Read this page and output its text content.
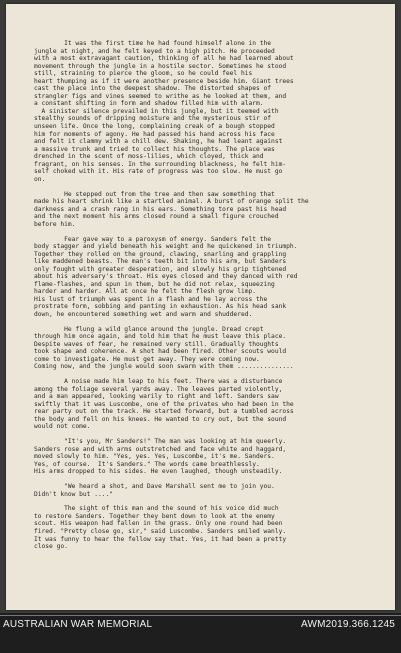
It was the first time he had found himself alone in the
jungle at night, and he felt keyed to a high pitch. He proceeded
with a most extravagant caution, thinking of all he had learned about
movement through the jungle in a hostile sector. Sometimes he stood
still, straining to pierce the gloom, so he could feel his
heart thumping as if it were another presence beside him. Giant trees
cast the place into the deepest shadow. The distorted shapes of
strangler figs and vines seemed to writhe as he looked at them, and
a constant shifting in form and shadow filled him with alarm.
A sinister silence prevailed in this jungle, but it teemed with
stealthy sounds of dripping moisture and the mysterious stir of
unseen life. Once the long, complaining creak of a bough stopped
him for moments of agony. He had passed his hand across his face
and felt it clammy with a chill dew. Shaking, he had leant against
a massive trunk and tried to collect his thoughts. The place was
drenched in the scent of moss-lilies, which cloyed, thick and
fragrant, on his senses. In the surrounding blackness, he felt him-
self choked with it. His rate of progress was too slow. He must go
on.
He stepped out from the tree and then saw something that
made his heart shrink like a startled animal. A burst of orange split the
darkness and a crash rang in his ears. Something tore past his head
and the next moment his arms closed round a small figure crouched
before him.
Fear gave way to a paroxysm of energy. Sanders felt the
body stagger and yield beneath his weight and he quickened in triumph.
Together they rolled on the ground, clawing, snarling and grappling
like maddened beasts. The man's teeth bit into his arm, but Sanders
only fought with greater desperation, and slowly his grip tightened
about his adversary's throat. His eyes closed and they danced with red
flame-flashes, and spun in them, but he did not relax, squeezing
harder and harder. All at once he felt the flesh grow limp.
His lust of triumph was spent in a flash and he lay across the
prostrate form, sobbing and panting in exhaustion. As his head sank
down, he encountered something wet and warm and shuddered.
He flung a wild glance around the jungle. Dread crept
through him once again, and told him that he must leave this place.
Despite waves of fear, he remained very still. Gradually thoughts
took shape and coherence. A shot had been fired. Other scouts would
come to investigate. He must get away. They were coming now.
Coming now, and the jungle would soon swarm with them ...............
A noise made him leap to his feet. There was a disturbance
among the foliage several yards away. The leaves parted violently,
and a man appeared, looking warily to right and left. Sanders saw
swiftly that it was Luscombe, one of the privates who had been in the
rear party out on the track. He started forward, but a tumbled across
the body and fell on his knees. He wanted to cry out, but the sound
would not come.
"It's you, Mr Sanders!" The man was looking at him queerly.
Sanders rose and with arms outstretched and face white and haggard,
moved slowly to him. "Yes, yes. Yes, Luscombe, it's me. Sanders.
Yes, of course.  It's Sanders." The words came breathlessly.
His arms dropped to his sides. He even laughed, though unsteadily.
"We heard a shot, and Dave Marshall sent me to join you.
Didn't know but ...."
The sight of this man and the sound of his voice did much
to restore Sanders. Together they bent down to look at the enemy
scout. His weapon had fallen in the grass. Only one round had been
fired. "Pretty close go, sir," said Luscombe. Sanders smiled wanly.
It was funny to hear the fellow say that. Yes, it had been a pretty
close go.
AUSTRALIAN WAR MEMORIAL	AWM2019.366.1245
